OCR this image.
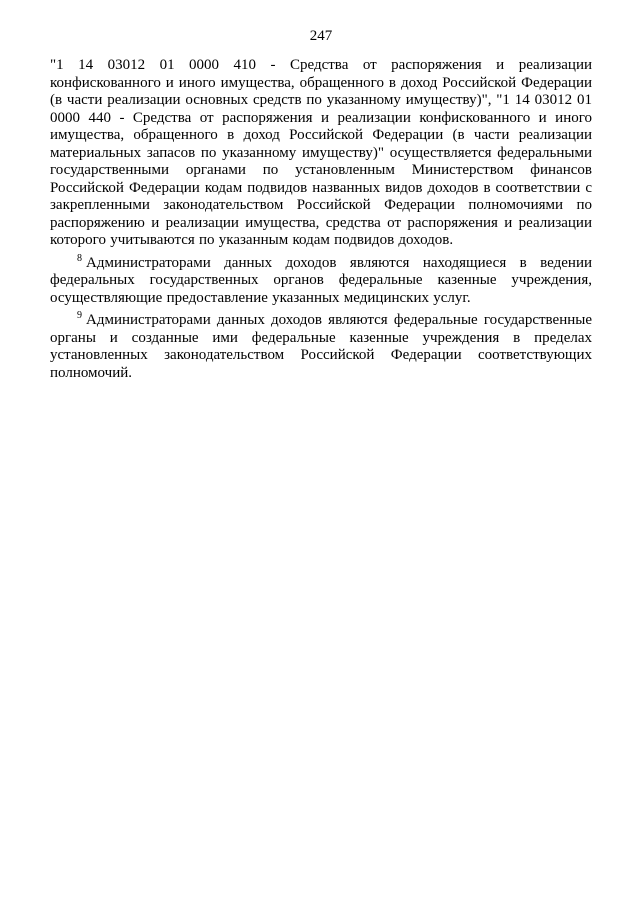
247

"1 14 03012 01 0000 410 - Средства от распоряжения и реализации конфискованного и иного имущества, обращенного в доход Российской Федерации (в части реализации основных средств по указанному имуществу)", "1 14 03012 01 0000 440 - Средства от распоряжения и реализации конфискованного и иного имущества, обращенного в доход Российской Федерации (в части реализации материальных запасов по указанному имуществу)" осуществляется федеральными государственными органами по установленным Министерством финансов Российской Федерации кодам подвидов названных видов доходов в соответствии с закрепленными законодательством Российской Федерации полномочиями по распоряжению и реализации имущества, средства от распоряжения и реализации которого учитываются по указанным кодам подвидов доходов.

$^8$ Администраторами данных доходов являются находящиеся в ведении федеральных государственных органов федеральные казенные учреждения, осуществляющие предоставление указанных медицинских услуг.

$^9$ Администраторами данных доходов являются федеральные государственные органы и созданные ими федеральные казенные учреждения в пределах установленных законодательством Российской Федерации соответствующих полномочий.
